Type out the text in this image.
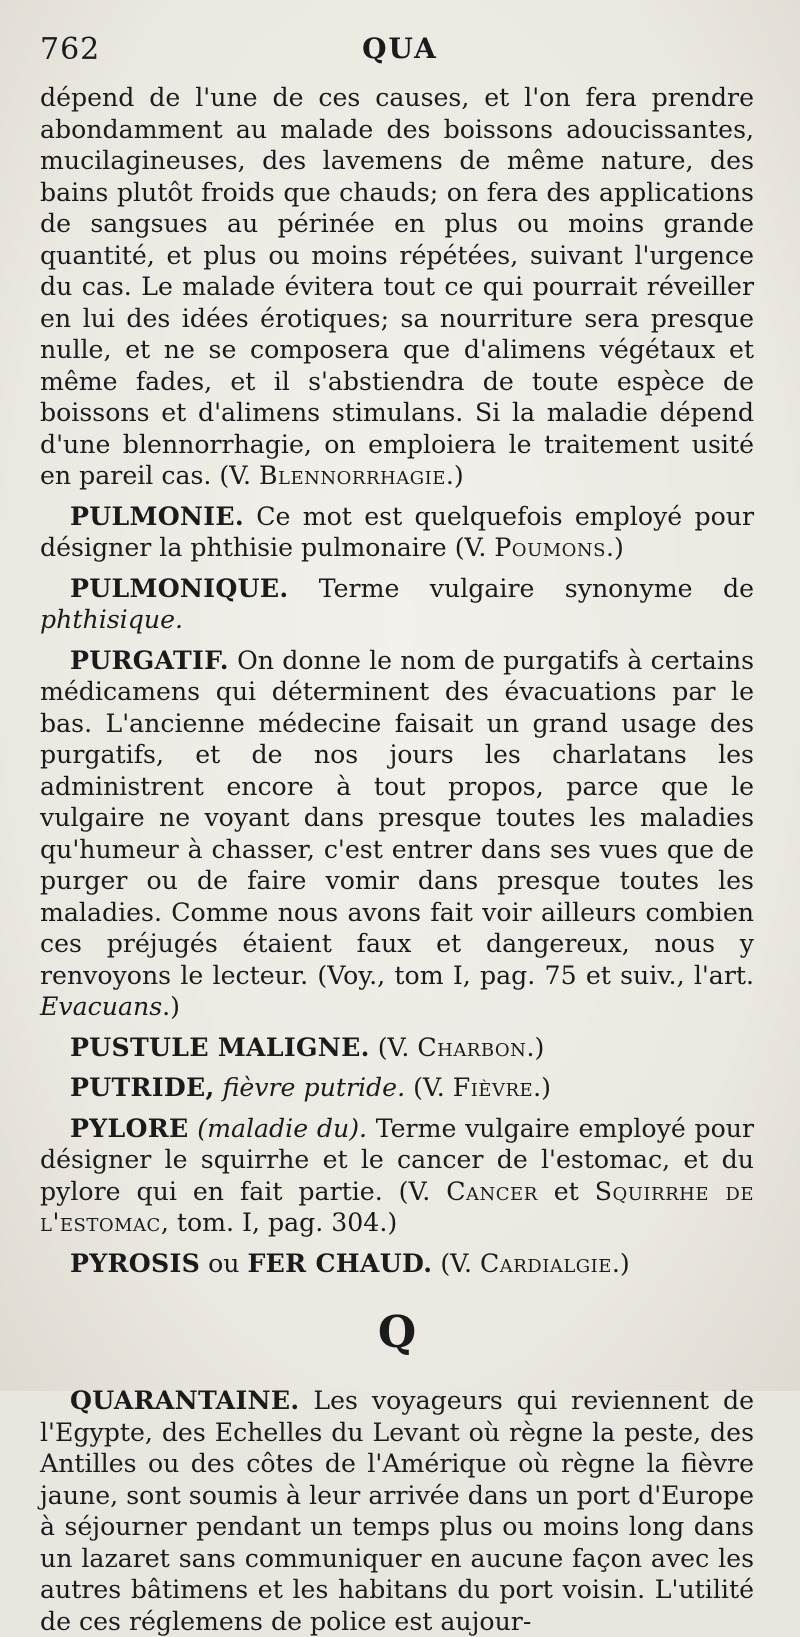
762	QUA

dépend de l'une de ces causes, et l'on fera prendre abondamment au malade des boissons adoucissantes, mucilagineuses, des lavemens de même nature, des bains plutôt froids que chauds; on fera des applications de sangsues au périnée en plus ou moins grande quantité, et plus ou moins répétées, suivant l'urgence du cas. Le malade évitera tout ce qui pourrait réveiller en lui des idées érotiques; sa nourriture sera presque nulle, et ne se composera que d'alimens végétaux et même fades, et il s'abstiendra de toute espèce de boissons et d'alimens stimulans. Si la maladie dépend d'une blennorrhagie, on emploiera le traitement usité en pareil cas. (V. Blennorrhagie.)

PULMONIE. Ce mot est quelquefois employé pour désigner la phthisie pulmonaire (V. Poumons.)

PULMONIQUE. Terme vulgaire synonyme de phthisique.

PURGATIF. On donne le nom de purgatifs à certains médicamens qui déterminent des évacuations par le bas. L'ancienne médecine faisait un grand usage des purgatifs, et de nos jours les charlatans les administrent encore à tout propos, parce que le vulgaire ne voyant dans presque toutes les maladies qu'humeur à chasser, c'est entrer dans ses vues que de purger ou de faire vomir dans presque toutes les maladies. Comme nous avons fait voir ailleurs combien ces préjugés étaient faux et dangereux, nous y renvoyons le lecteur. (Voy., tom I, pag. 75 et suiv., l'art. Evacuans.)

PUSTULE MALIGNE. (V. Charbon.)

PUTRIDE, fièvre putride. (V. Fièvre.)

PYLORE (maladie du). Terme vulgaire employé pour désigner le squirrhe et le cancer de l'estomac, et du pylore qui en fait partie. (V. Cancer et Squirrhe de l'estomac, tom. I, pag. 304.)

PYROSIS ou FER CHAUD. (V. Cardialgie.)

Q

QUARANTAINE. Les voyageurs qui reviennent de l'Egypte, des Echelles du Levant où règne la peste, des Antilles ou des côtes de l'Amérique où règne la fièvre jaune, sont soumis à leur arrivée dans un port d'Europe à séjourner pendant un temps plus ou moins long dans un lazaret sans communiquer en aucune façon avec les autres bâtimens et les habitans du port voisin. L'utilité de ces réglemens de police est aujour-
